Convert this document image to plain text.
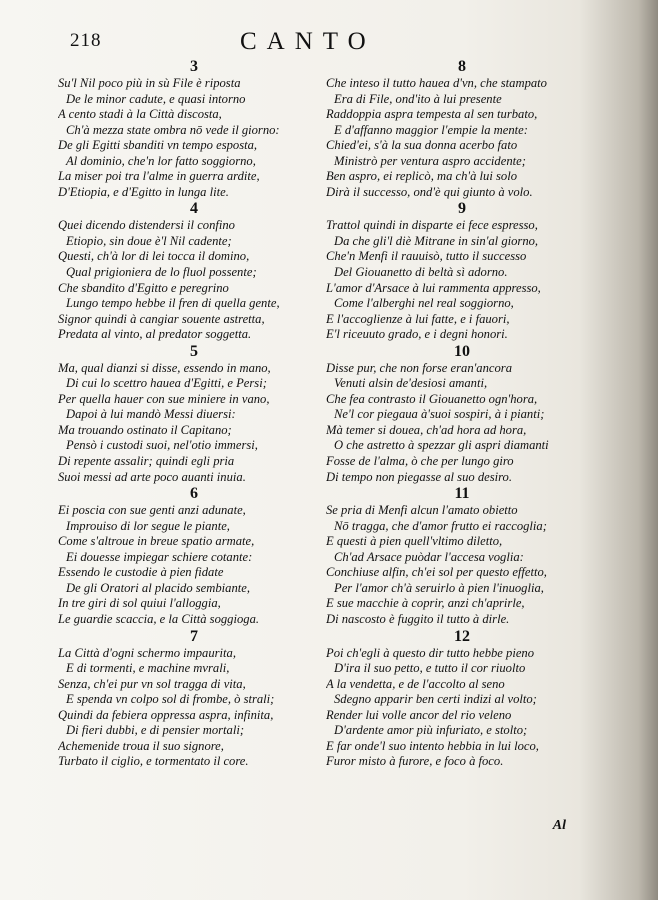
218	CANTO
3
Su'l Nil poco più in sù File è riposta
De le minor cadute, e quasi intorno
A cento stadi à la Città discosta,
Ch'à mezza state ombra nō vede il giorno:
De gli Egitti sbanditi vn tempo esposta,
Al dominio, che'n lor fatto soggiorno,
La miser poi tra l'alme in guerra ardite,
D'Etiopia, e d'Egitto in lunga lite.
4
Quei dicendo distendersi il confino
Etiopio, sin doue è'l Nil cadente;
Questi, ch'à lor di lei tocca il domino,
Qual prigioniera de lo fluol possente;
Che sbandito d'Egitto e peregrino
Lungo tempo hebbe il fren di quella gente,
Signor quindi à cangiar souente astretta,
Predata al vinto, al predator soggetta.
5
Ma, qual dianzi si disse, essendo in mano,
Di cui lo scettro haueа d'Egitti, e Persi;
Per quella hauer con sue miniere in vano,
Dapoi à lui mandò Messi diuersi:
Ma trouando ostinato il Capitano;
Pensò i custodi suoi, nel'otio immersi,
Di repente assalir; quindi egli pria
Suoi messi ad arte poco auanti inuia.
6
Ei poscia con sue genti anzi adunate,
Improuiso di lor segue le piante,
Come s'altroue in breue spatio armate,
Ei douesse impiegar schiere cotante:
Essendo le custodie à pien fidate
De gli Oratori al placido sembiante,
In tre giri di sol quiui l'alloggia,
Le guardie scaccia, e la Città soggioga.
7
La Città d'ogni schermo impaurita,
E di tormenti, e machine mvrali,
Senza, ch'ei pur vn sol tragga di vita,
E spenda vn colpo sol di frombe, ò strali;
Quindi da febiera oppressa aspra, infinita,
Di fieri dubbi, e di pensier mortali;
Achemenide troua il suo signore,
Turbato il ciglio, e tormentato il core.
8
Che inteso il tutto haueа d'vn, che stampato
Era di File, ond'ito à lui presente
Raddoppia aspra tempesta al sen turbato,
E d'affanno maggior l'empie la mente:
Chied'ei, s'à la sua donna acerbo fato
Ministrò per ventura aspro accidente;
Ben aspro, ei replicò, ma ch'à lui solo
Dirà il successo, ond'è qui giunto à volo.
9
Trattol quindi in disparte ei fece espresso,
Da che gli'l diè Mitrane in sin'al giorno,
Che'n Menfi il rauuisò, tutto il successo
Del Giouanetto di beltà sì adorno.
L'amor d'Arsace à lui rammenta appresso,
Come l'alberghi nel real soggiorno,
E l'accoglienze à lui fatte, e i fauori,
E'l riceuuto grado, e i degni honori.
10
Disse pur, che non forse eran'ancora
Venuti alsin de'desiosi amanti,
Che fea contrasto il Giouanetto ogn'hora,
Ne'l cor piegaua à'suoi sospiri, à i pianti;
Mà temer si doueа, ch'ad hora ad hora,
O che astretto à spezzar gli aspri diamanti
Fosse de l'alma, ò che per lungo giro
Di tempo non piegasse al suo desiro.
11
Se pria di Menfi alcun l'amato obietto
Nō tragga, che d'amor frutto ei raccoglia;
E questi à pien quell'vltimo diletto,
Ch'ad Arsace puòdar l'accesa voglia:
Conchiuse alfin, ch'ei sol per questo effetto,
Per l'amor ch'à seruirlo à pien l'inuoglia,
E sue macchie à coprir, anzi ch'aprirle,
Di nascosto è fuggito il tutto à dirle.
12
Poi ch'egli à questo dir tutto hebbe pieno
D'ira il suo petto, e tutto il cor riuolto
A la vendetta, e de l'accolto al seno
Sdegno apparir ben certi indizi al volto;
Render lui volle ancor del rio veleno
D'ardente amor più infuriato, e stolto;
E far onde'l suo intento hebbia in lui loco,
Furor misto à furore, e foco à foco.
Al
